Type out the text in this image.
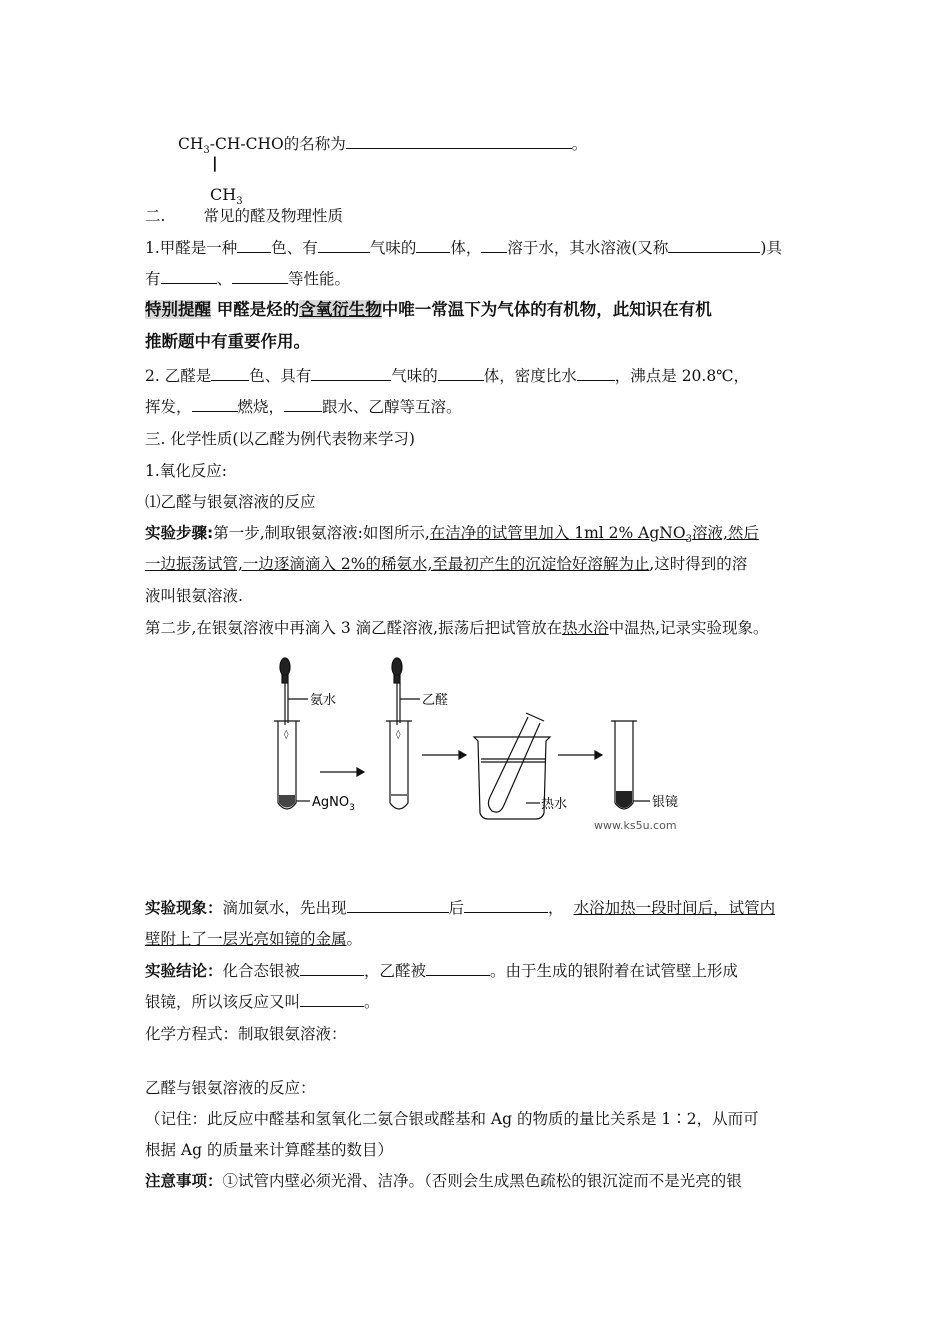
$CH_3-CH$-CHO的名称为	。
|
$CH_3$
二. 常见的醛及物理性质
1.甲醛是一种 色、有	气味的 体， 溶于水，其水溶液(又称	)具
有	、	等性能。
特别提醒 甲醛是烃的含氧衍生物中唯一常温下为气体的有机物，此知识在有机
推断题中有重要作用。
2. 乙醛是 色、具有	气味的	体，密度比水 ，沸点是 20.8℃，
挥发，	燃烧， 跟水、乙醇等互溶。
三. 化学性质(以乙醛为例代表物来学习)
1.氧化反应:
⑴乙醛与银氨溶液的反应
实验步骤:第一步,制取银氨溶液:如图所示,在洁净的试管里加入 1ml 2% AgNO$_3$溶液,然后
一边振荡试管,一边逐滴滴入 2%的稀氨水,至最初产生的沉淀恰好溶解为止,这时得到的溶
液叫银氨溶液.
第二步,在银氨溶液中再滴入 3 滴乙醛溶液,振荡后把试管放在热水浴中温热,记录实验现象。
氨水
◊
AgNO$_3$
乙醛
◊
热水	银镜
www.ks5u.com
实验现象：滴加氨水，先出现	后	， 水浴加热一段时间后，试管内
壁附上了一层光亮如镜的金属。
实验结论：化合态银被	，乙醛被	。由于生成的银附着在试管壁上形成
银镜，所以该反应又叫	。
化学方程式：制取银氨溶液：
乙醛与银氨溶液的反应：
（记住：此反应中醛基和氢氧化二氨合银或醛基和 Ag 的物质的量比关系是 1∶2，从而可
根据 Ag 的质量来计算醛基的数目）
注意事项：①试管内壁必须光滑、洁净。（否则会生成黑色疏松的银沉淀而不是光亮的银
